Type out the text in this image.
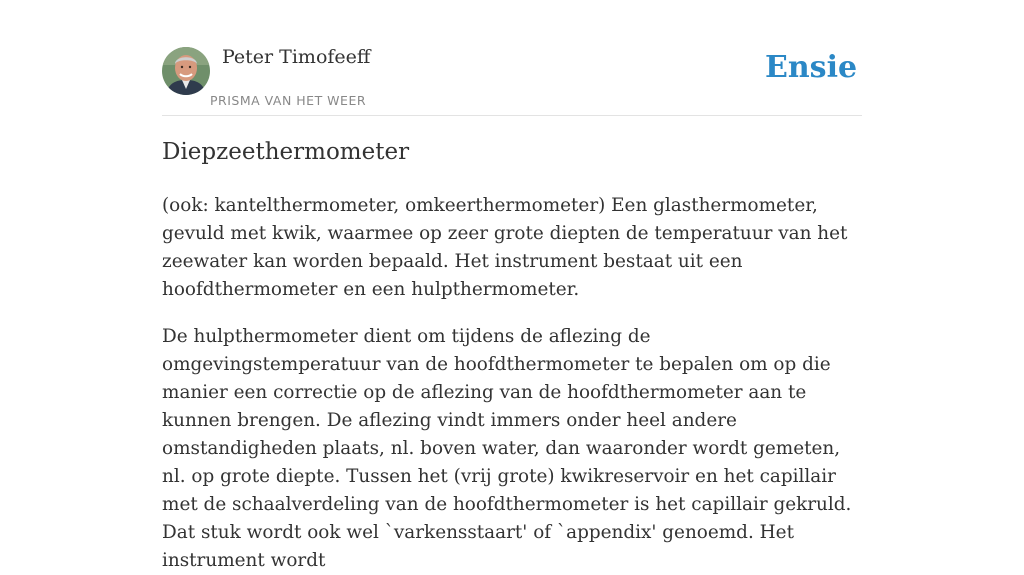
Peter Timofeeff
PRISMA VAN HET WEER
Ensie
Diepzeethermometer

(ook: kantelthermometer, omkeerthermometer) Een glasthermometer, gevuld met kwik, waarmee op zeer grote diepten de temperatuur van het zeewater kan worden bepaald. Het instrument bestaat uit een hoofdthermometer en een hulpthermometer.

De hulpthermometer dient om tijdens de aflezing de omgevingstemperatuur van de hoofdthermometer te bepalen om op die manier een correctie op de aflezing van de hoofdthermometer aan te kunnen brengen. De aflezing vindt immers onder heel andere omstandigheden plaats, nl. boven water, dan waaronder wordt gemeten, nl. op grote diepte. Tussen het (vrij grote) kwikreservoir en het capillair met de schaalverdeling van de hoofdthermometer is het capillair gekruld. Dat stuk wordt ook wel `varkensstaart' of `appendix' genoemd. Het instrument wordt
